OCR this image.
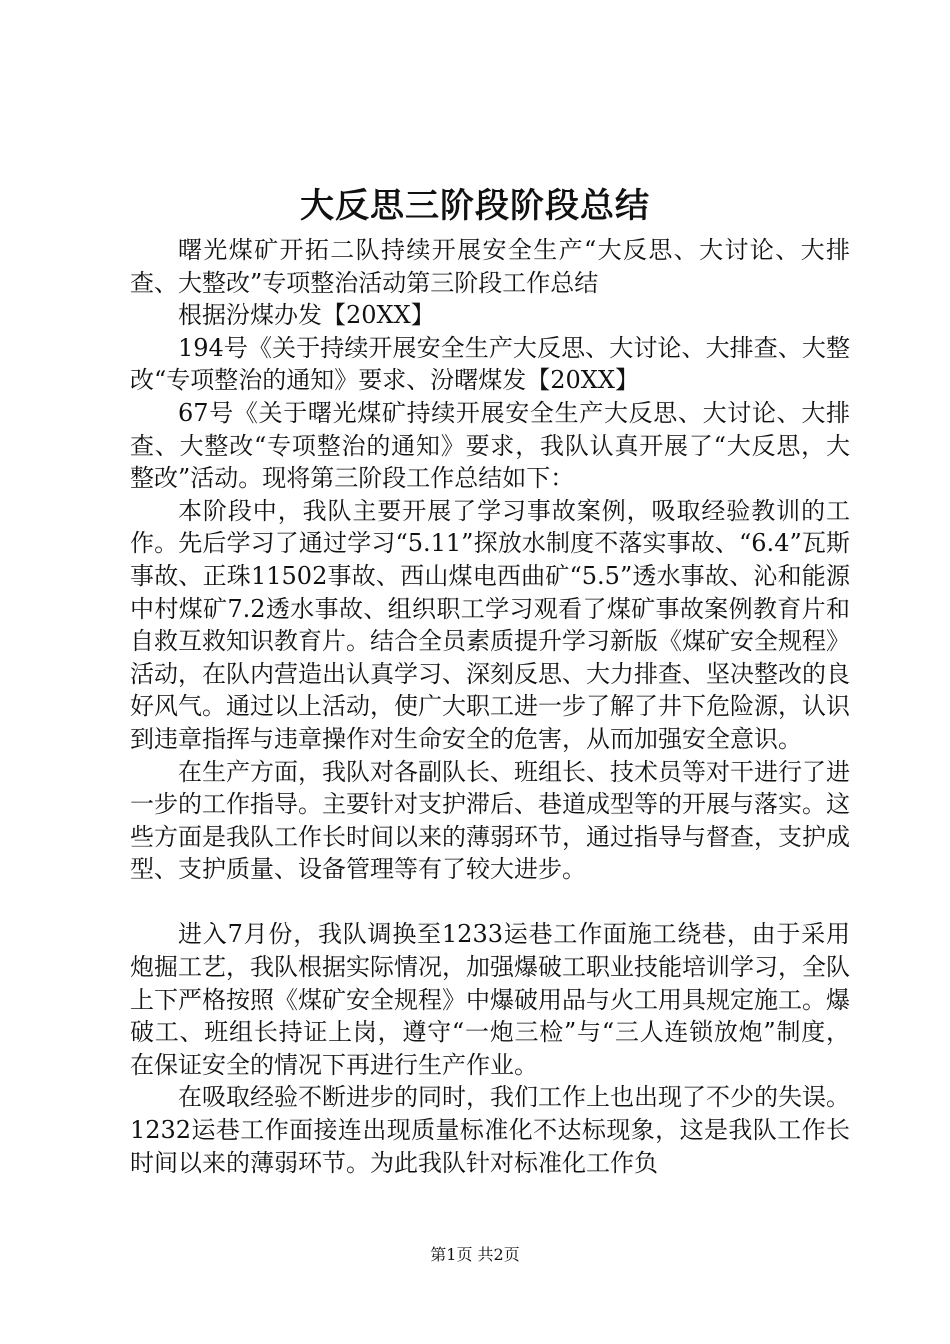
大反思三阶段阶段总结

曙光煤矿开拓二队持续开展安全生产“大反思、大讨论、大排查、大整改”专项整治活动第三阶段工作总结

根据汾煤办发【20XX】

194号《关于持续开展安全生产大反思、大讨论、大排查、大整改“专项整治的通知》要求、汾曙煤发【20XX】

67号《关于曙光煤矿持续开展安全生产大反思、大讨论、大排查、大整改“专项整治的通知》要求，我队认真开展了“大反思，大整改”活动。现将第三阶段工作总结如下：

本阶段中，我队主要开展了学习事故案例，吸取经验教训的工作。先后学习了通过学习“5.11”探放水制度不落实事故、“6.4”瓦斯事故、正珠11502事故、西山煤电西曲矿“5.5”透水事故、沁和能源中村煤矿7.2透水事故、组织职工学习观看了煤矿事故案例教育片和自救互救知识教育片。结合全员素质提升学习新版《煤矿安全规程》活动，在队内营造出认真学习、深刻反思、大力排查、坚决整改的良好风气。通过以上活动，使广大职工进一步了解了井下危险源，认识到违章指挥与违章操作对生命安全的危害，从而加强安全意识。

在生产方面，我队对各副队长、班组长、技术员等对干进行了进一步的工作指导。主要针对支护滞后、巷道成型等的开展与落实。这些方面是我队工作长时间以来的薄弱环节，通过指导与督查，支护成型、支护质量、设备管理等有了较大进步。

进入7月份，我队调换至1233运巷工作面施工绕巷，由于采用炮掘工艺，我队根据实际情况，加强爆破工职业技能培训学习，全队上下严格按照《煤矿安全规程》中爆破用品与火工用具规定施工。爆破工、班组长持证上岗，遵守“一炮三检”与“三人连锁放炮”制度，在保证安全的情况下再进行生产作业。

在吸取经验不断进步的同时，我们工作上也出现了不少的失误。1232运巷工作面接连出现质量标准化不达标现象，这是我队工作长时间以来的薄弱环节。为此我队针对标准化工作负

第1页 共2页
